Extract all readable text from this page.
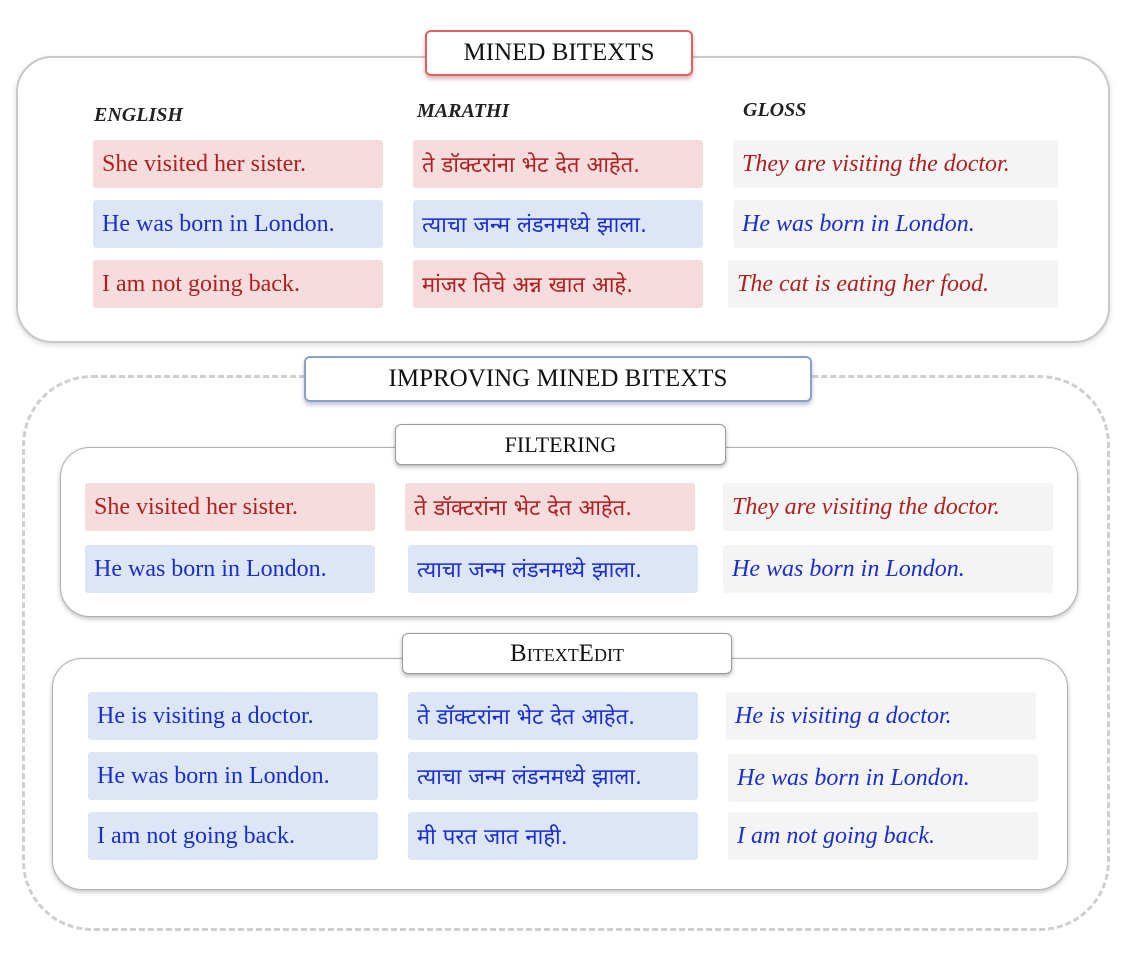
MINED BITEXTS
ENGLISH	MARATHI	GLOSS
She visited her sister.	ते डॉक्टरांना भेट देत आहेत.	They are visiting the doctor.
He was born in London.	त्याचा जन्म लंडनमध्ये झाला.	He was born in London.
I am not going back.	मांजर तिचे अन्न खात आहे.	The cat is eating her food.
IMPROVING MINED BITEXTS
FILTERING
She visited her sister.	ते डॉक्टरांना भेट देत आहेत.	They are visiting the doctor.
He was born in London.	त्याचा जन्म लंडनमध्ये झाला.	He was born in London.
BitextEdit
He is visiting a doctor.	ते डॉक्टरांना भेट देत आहेत.	He is visiting a doctor.
He was born in London.	त्याचा जन्म लंडनमध्ये झाला.	He was born in London.
I am not going back.	मी परत जात नाही.	I am not going back.
